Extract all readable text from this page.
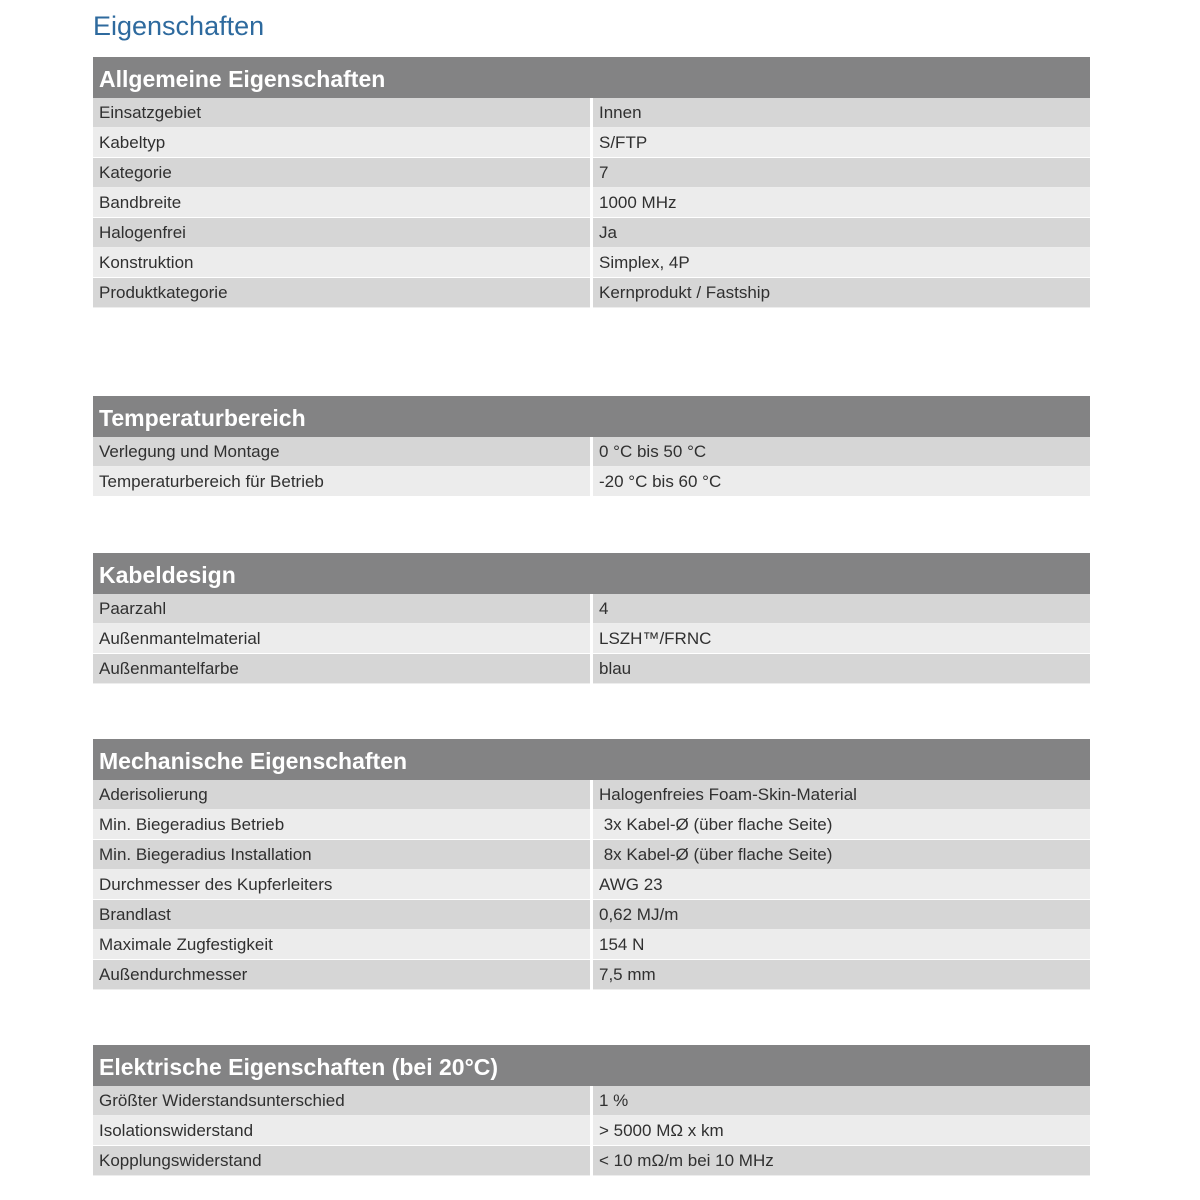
Eigenschaften
Allgemeine Eigenschaften
Einsatzgebiet	Innen
Kabeltyp	S/FTP
Kategorie	7
Bandbreite	1000 MHz
Halogenfrei	Ja
Konstruktion	Simplex, 4P
Produktkategorie	Kernprodukt / Fastship
Temperaturbereich
Verlegung und Montage	0 °C bis 50 °C
Temperaturbereich für Betrieb	-20 °C bis 60 °C
Kabeldesign
Paarzahl	4
Außenmantelmaterial	LSZH™/FRNC
Außenmantelfarbe	blau
Mechanische Eigenschaften
Aderisolierung	Halogenfreies Foam-Skin-Material
Min. Biegeradius Betrieb	3x Kabel-Ø (über flache Seite)
Min. Biegeradius Installation	8x Kabel-Ø (über flache Seite)
Durchmesser des Kupferleiters	AWG 23
Brandlast	0,62 MJ/m
Maximale Zugfestigkeit	154 N
Außendurchmesser	7,5 mm
Elektrische Eigenschaften (bei 20°C)
Größter Widerstandsunterschied	1 %
Isolationswiderstand	> 5000 MΩ x km
Kopplungswiderstand	< 10 mΩ/m bei 10 MHz
